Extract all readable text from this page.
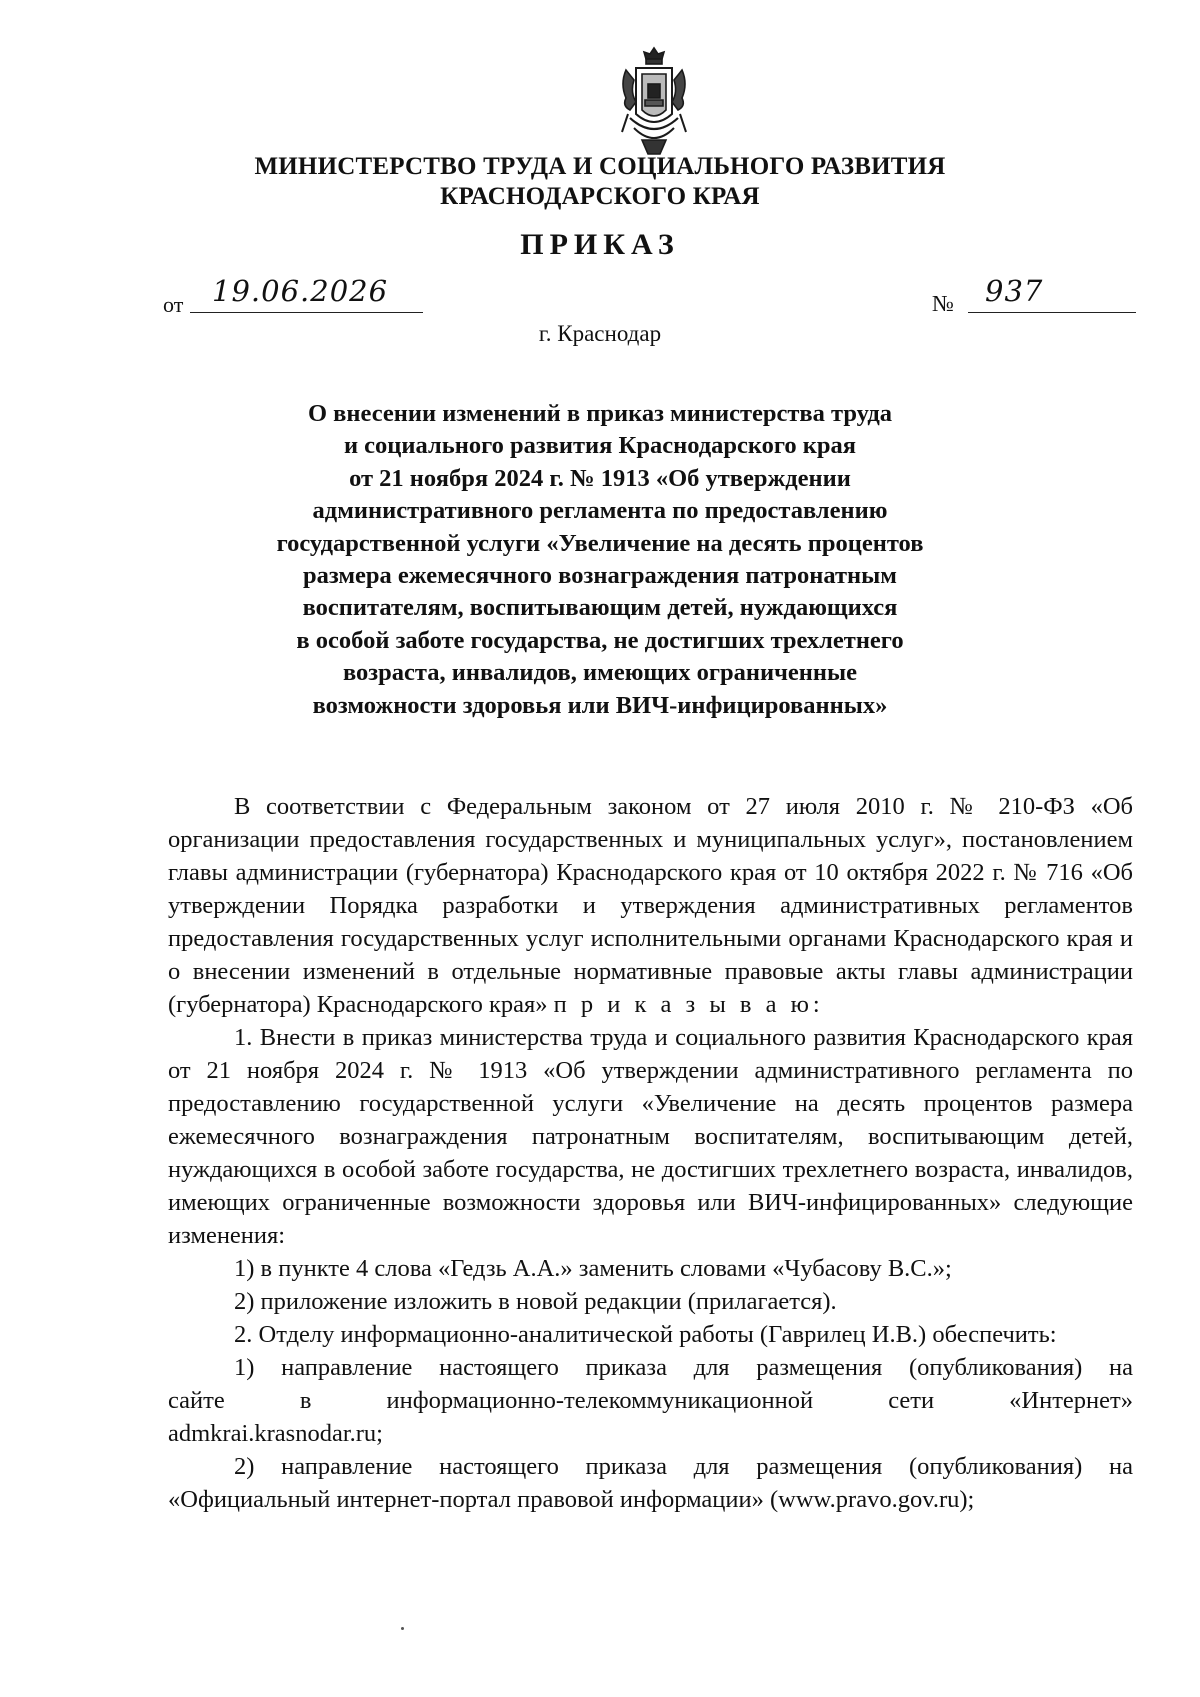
МИНИСТЕРСТВО ТРУДА И СОЦИАЛЬНОГО РАЗВИТИЯ
КРАСНОДАРСКОГО КРАЯ
ПРИКАЗ
от 19.06.2026	№ 937
г. Краснодар
О внесении изменений в приказ министерства труда
и социального развития Краснодарского края
от 21 ноября 2024 г. № 1913 «Об утверждении
административного регламента по предоставлению
государственной услуги «Увеличение на десять процентов
размера ежемесячного вознаграждения патронатным
воспитателям, воспитывающим детей, нуждающихся
в особой заботе государства, не достигших трехлетнего
возраста, инвалидов, имеющих ограниченные
возможности здоровья или ВИЧ-инфицированных»

В соответствии с Федеральным законом от 27 июля 2010 г. № 210-ФЗ «Об организации предоставления государственных и муниципальных услуг», постановлением главы администрации (губернатора) Краснодарского края от 10 октября 2022 г. № 716 «Об утверждении Порядка разработки и утверждения административных регламентов предоставления государственных услуг исполнительными органами Краснодарского края и о внесении изменений в отдельные нормативные правовые акты главы администрации (губернатора) Краснодарского края» п р и к а з ы в а ю:

1. Внести в приказ министерства труда и социального развития Краснодарского края от 21 ноября 2024 г. № 1913 «Об утверждении административного регламента по предоставлению государственной услуги «Увеличение на десять процентов размера ежемесячного вознаграждения патронатным воспитателям, воспитывающим детей, нуждающихся в особой заботе государства, не достигших трехлетнего возраста, инвалидов, имеющих ограниченные возможности здоровья или ВИЧ-инфицированных» следующие изменения:

1) в пункте 4 слова «Гедзь А.А.» заменить словами «Чубасову В.С.»;

2) приложение изложить в новой редакции (прилагается).

2. Отделу информационно-аналитической работы (Гаврилец И.В.) обеспечить:

1) направление настоящего приказа для размещения (опубликования) на

сайте в информационно-телекоммуникационной сети «Интернет»

admkrai.krasnodar.ru;

2) направление настоящего приказа для размещения (опубликования) на «Официальный интернет-портал правовой информации» (www.pravo.gov.ru);
